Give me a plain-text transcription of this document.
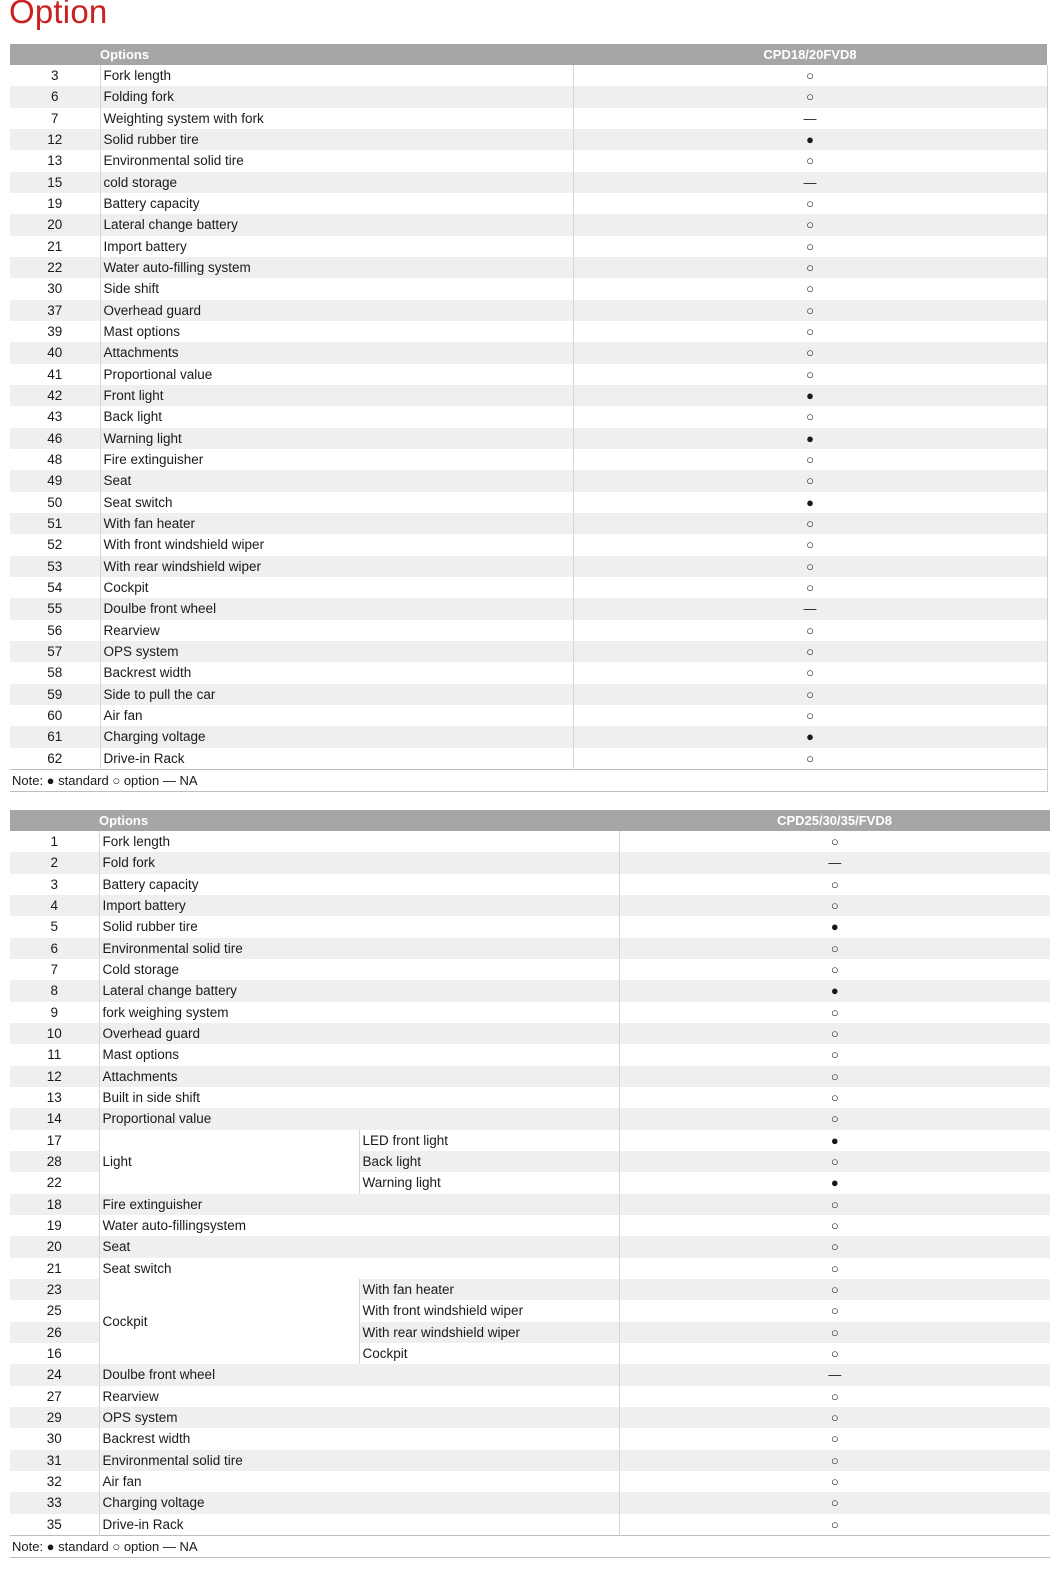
Option
	Options	CPD18/20FVD8
3	Fork length	○
6	Folding fork	○
7	Weighting system with fork	—
12	Solid rubber tire	●
13	Environmental solid tire	○
15	cold storage	—
19	Battery capacity	○
20	Lateral change battery	○
21	Import battery	○
22	Water auto-filling system	○
30	Side shift	○
37	Overhead guard	○
39	Mast options	○
40	Attachments	○
41	Proportional value	○
42	Front light	●
43	Back light	○
46	Warning light	●
48	Fire extinguisher	○
49	Seat	○
50	Seat switch	●
51	With fan heater	○
52	With front windshield wiper	○
53	With rear windshield wiper	○
54	Cockpit	○
55	Doulbe front wheel	—
56	Rearview	○
57	OPS system	○
58	Backrest width	○
59	Side to pull the car	○
60	Air fan	○
61	Charging voltage	●
62	Drive-in Rack	○
Note: ● standard ○ option — NA		
	Options		CPD25/30/35/FVD8
1	Fork length		○
2	Fold fork		—
3	Battery capacity		○
4	Import battery		○
5	Solid rubber tire		●
6	Environmental solid tire		○
7	Cold storage		○
8	Lateral change battery		●
9	fork weighing system		○
10	Overhead guard		○
11	Mast options		○
12	Attachments		○
13	Built in side shift		○
14	Proportional value		○
17	Light	LED front light	●
28		Back light	○
22		Warning light	●
18	Fire extinguisher		○
19	Water auto-fillingsystem		○
20	Seat		○
21	Seat switch		○
23	Cockpit	With fan heater	○
25		With front windshield wiper	○
26		With rear windshield wiper	○
16		Cockpit	○
24	Doulbe front wheel		—
27	Rearview		○
29	OPS system		○
30	Backrest width		○
31	Environmental solid tire		○
32	Air fan		○
33	Charging voltage		○
35	Drive-in Rack		○
Note: ● standard ○ option — NA			
